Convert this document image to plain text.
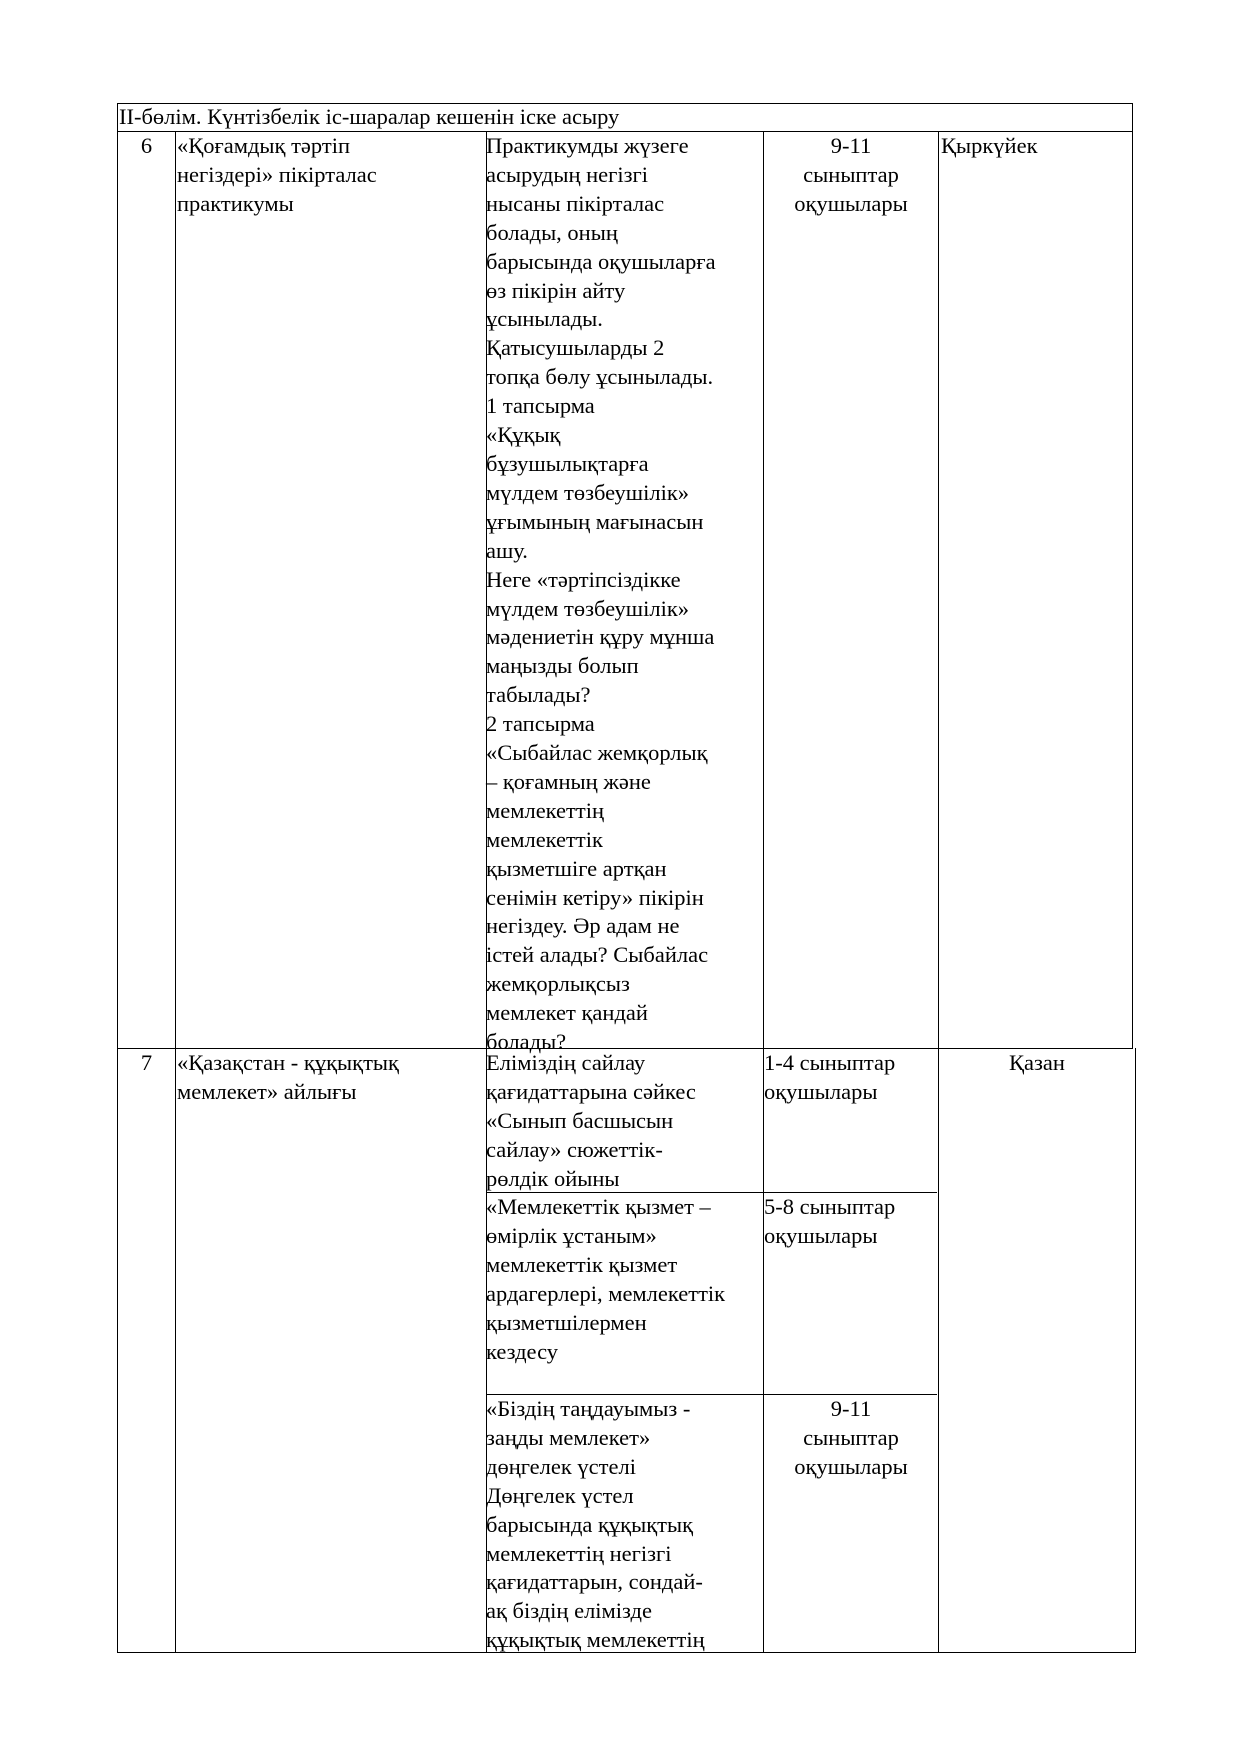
ІІ-бөлім. Күнтізбелік іс-шаралар кешенін іске асыру
6	«Қоғамдық тәртіп
негіздері» пікірталас
практикумы
Практикумды жүзеге
асырудың негізгі
нысаны пікірталас
болады, оның
барысында оқушыларға
өз пікірін айту
ұсынылады.
Қатысушыларды 2
топқа бөлу ұсынылады.
1 тапсырма
«Құқық
бұзушылықтарға
мүлдем төзбеушілік»
ұғымының мағынасын
ашу.
Неге «тәртіпсіздікке
мүлдем төзбеушілік»
мәдениетін құру мұнша
маңызды болып
табылады?
2 тапсырма
«Сыбайлас жемқорлық
– қоғамның және
мемлекеттің
мемлекеттік
қызметшіге артқан
сенімін кетіру» пікірін
негіздеу. Әр адам не
істей алады? Сыбайлас
жемқорлықсыз
мемлекет қандай
болады?
9-11
сыныптар
оқушылары
Қыркүйек
7	«Қазақстан - құқықтық
мемлекет» айлығы
Қазан
Еліміздің сайлау
қағидаттарына сәйкес
«Сынып басшысын
сайлау» сюжеттік-
рөлдік ойыны
1-4 сыныптар
оқушылары
«Мемлекеттік қызмет –
өмірлік ұстаным»
мемлекеттік қызмет
ардагерлері, мемлекеттік
қызметшілермен
кездесу
5-8 сыныптар
оқушылары
«Біздің таңдауымыз -
заңды мемлекет»
дөңгелек үстелі
Дөңгелек үстел
барысында құқықтық
мемлекеттің негізгі
қағидаттарын, сондай-
ақ біздің елімізде
құқықтық мемлекеттің
9-11
сыныптар
оқушылары
